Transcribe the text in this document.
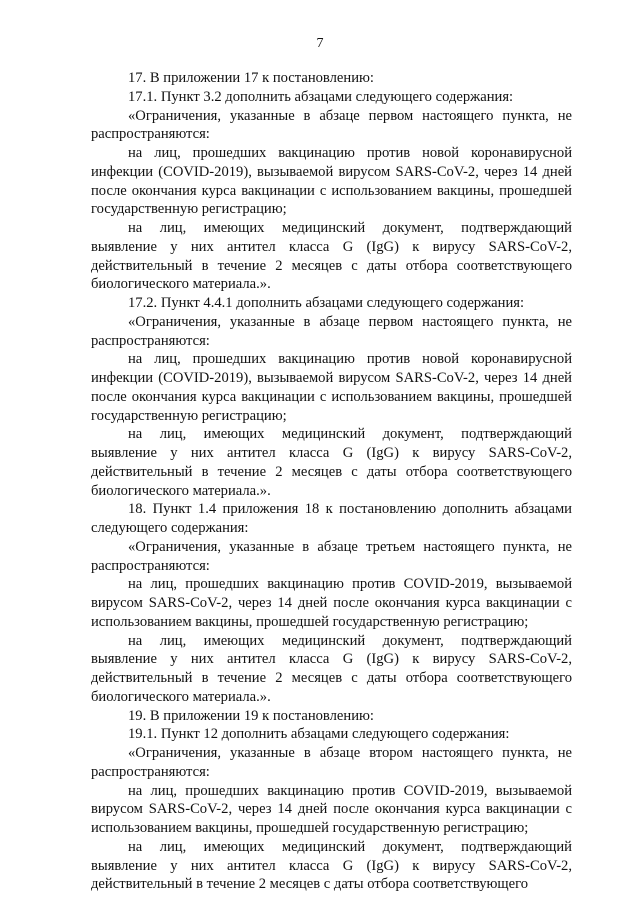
7

17. В приложении 17 к постановлению:

17.1. Пункт 3.2 дополнить абзацами следующего содержания:

«Ограничения, указанные в абзаце первом настоящего пункта, не распространяются:

на лиц, прошедших вакцинацию против новой коронавирусной инфекции (COVID-2019), вызываемой вирусом SARS-CoV-2, через 14 дней после окончания курса вакцинации с использованием вакцины, прошедшей государственную регистрацию;

на лиц, имеющих медицинский документ, подтверждающий выявление у них антител класса G (IgG) к вирусу SARS-CoV-2, действительный в течение 2 месяцев с даты отбора соответствующего биологического материала.».

17.2. Пункт 4.4.1 дополнить абзацами следующего содержания:

«Ограничения, указанные в абзаце первом настоящего пункта, не распространяются:

на лиц, прошедших вакцинацию против новой коронавирусной инфекции (COVID-2019), вызываемой вирусом SARS-CoV-2, через 14 дней после окончания курса вакцинации с использованием вакцины, прошедшей государственную регистрацию;

на лиц, имеющих медицинский документ, подтверждающий выявление у них антител класса G (IgG) к вирусу SARS-CoV-2, действительный в течение 2 месяцев с даты отбора соответствующего биологического материала.».

18. Пункт 1.4 приложения 18 к постановлению дополнить абзацами следующего содержания:

«Ограничения, указанные в абзаце третьем настоящего пункта, не распространяются:

на лиц, прошедших вакцинацию против COVID-2019, вызываемой вирусом SARS-CoV-2, через 14 дней после окончания курса вакцинации с использованием вакцины, прошедшей государственную регистрацию;

на лиц, имеющих медицинский документ, подтверждающий выявление у них антител класса G (IgG) к вирусу SARS-CoV-2, действительный в течение 2 месяцев с даты отбора соответствующего биологического материала.».

19. В приложении 19 к постановлению:

19.1. Пункт 12 дополнить абзацами следующего содержания:

«Ограничения, указанные в абзаце втором настоящего пункта, не распространяются:

на лиц, прошедших вакцинацию против COVID-2019, вызываемой вирусом SARS-CoV-2, через 14 дней после окончания курса вакцинации с использованием вакцины, прошедшей государственную регистрацию;

на лиц, имеющих медицинский документ, подтверждающий выявление у них антител класса G (IgG) к вирусу SARS-CoV-2, действительный в течение 2 месяцев с даты отбора соответствующего
